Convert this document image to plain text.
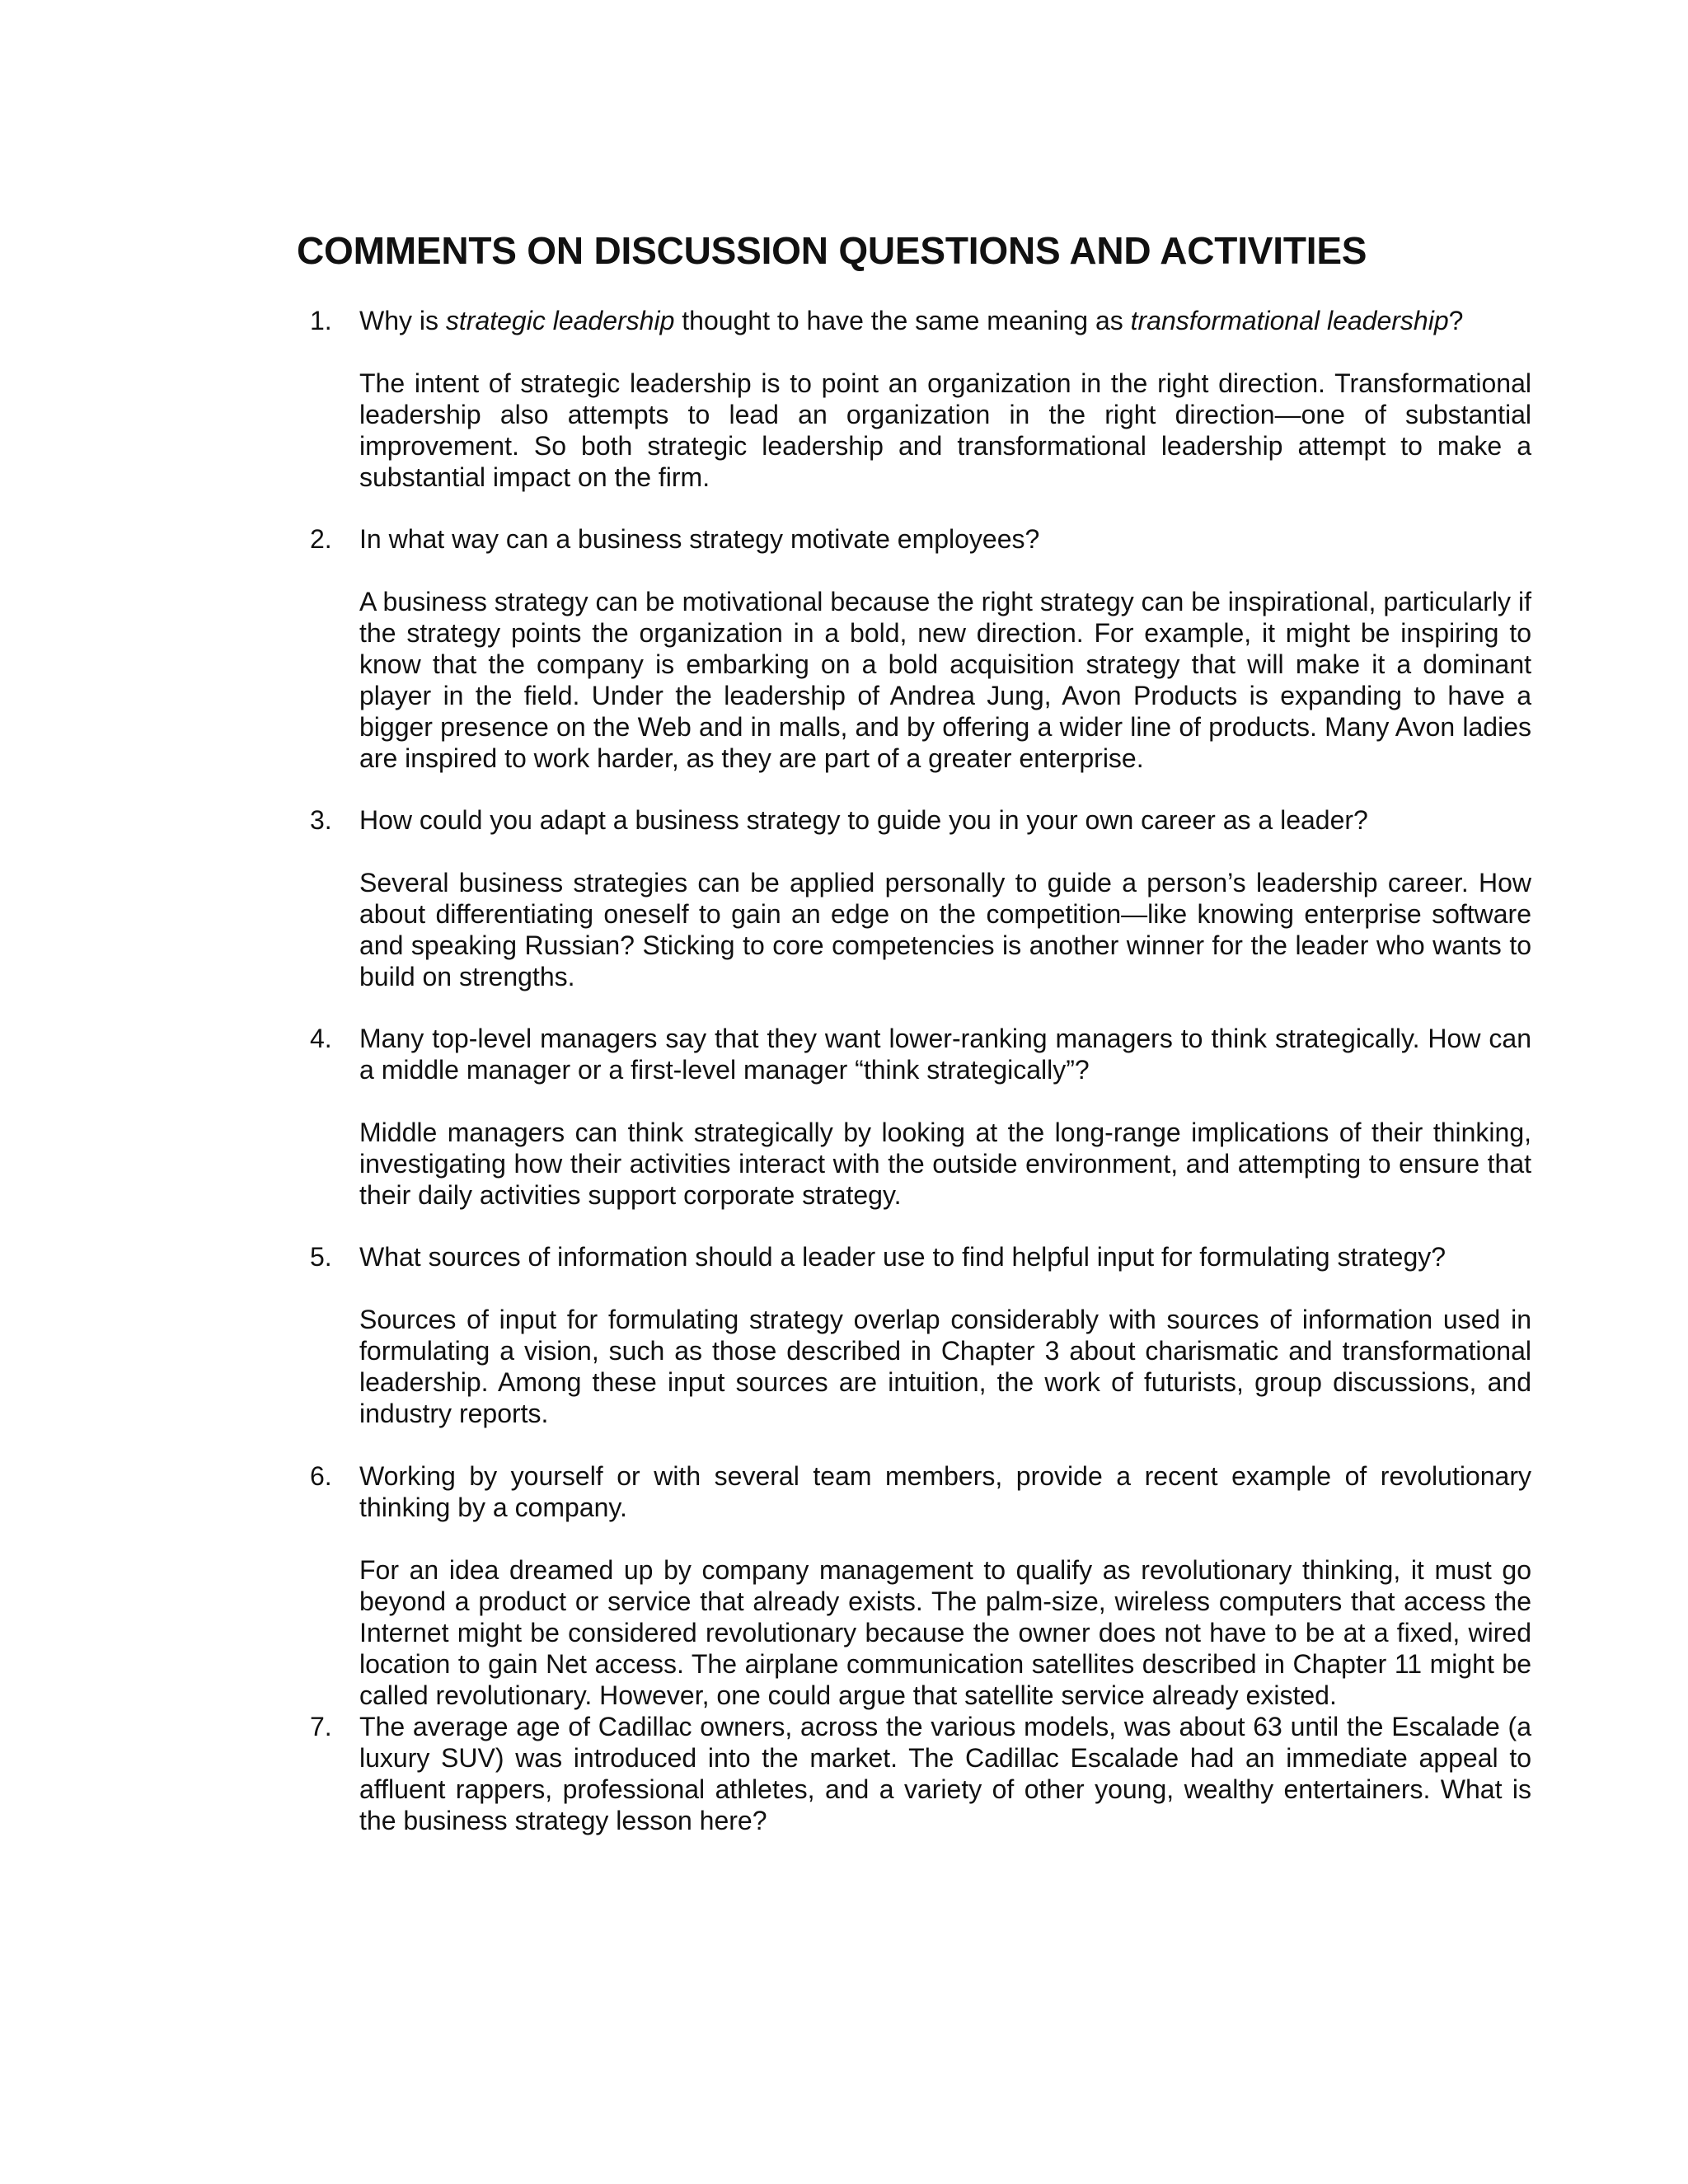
COMMENTS ON DISCUSSION QUESTIONS AND ACTIVITIES
1.	Why is strategic leadership thought to have the same meaning as transformational leadership?

The intent of strategic leadership is to point an organization in the right direction. Transformational leadership also attempts to lead an organization in the right direction—one of substantial improvement. So both strategic leadership and transformational leadership attempt to make a substantial impact on the firm.

2.	In what way can a business strategy motivate employees?

A business strategy can be motivational because the right strategy can be inspirational, particularly if the strategy points the organization in a bold, new direction. For example, it might be inspiring to know that the company is embarking on a bold acquisition strategy that will make it a dominant player in the field. Under the leadership of Andrea Jung, Avon Products is expanding to have a bigger presence on the Web and in malls, and by offering a wider line of products. Many Avon ladies are inspired to work harder, as they are part of a greater enterprise.

3.	How could you adapt a business strategy to guide you in your own career as a leader?

Several business strategies can be applied personally to guide a person’s leadership career. How about differentiating oneself to gain an edge on the competition—like knowing enterprise software and speaking Russian? Sticking to core competencies is another winner for the leader who wants to build on strengths.

4.	Many top-level managers say that they want lower-ranking managers to think strategically. How can a middle manager or a first-level manager “think strategically”?

Middle managers can think strategically by looking at the long-range implications of their thinking, investigating how their activities interact with the outside environment, and attempting to ensure that their daily activities support corporate strategy.

5.	What sources of information should a leader use to find helpful input for formulating strategy?

Sources of input for formulating strategy overlap considerably with sources of information used in formulating a vision, such as those described in Chapter 3 about charismatic and transformational leadership. Among these input sources are intuition, the work of futurists, group discussions, and industry reports.

6.	Working by yourself or with several team members, provide a recent example of revolutionary thinking by a company.

For an idea dreamed up by company management to qualify as revolutionary thinking, it must go beyond a product or service that already exists. The palm-size, wireless computers that access the Internet might be considered revolutionary because the owner does not have to be at a fixed, wired location to gain Net access. The airplane communication satellites described in Chapter 11 might be called revolutionary. However, one could argue that satellite service already existed.

7.	The average age of Cadillac owners, across the various models, was about 63 until the Escalade (a luxury SUV) was introduced into the market. The Cadillac Escalade had an immediate appeal to affluent rappers, professional athletes, and a variety of other young, wealthy entertainers. What is the business strategy lesson here?
